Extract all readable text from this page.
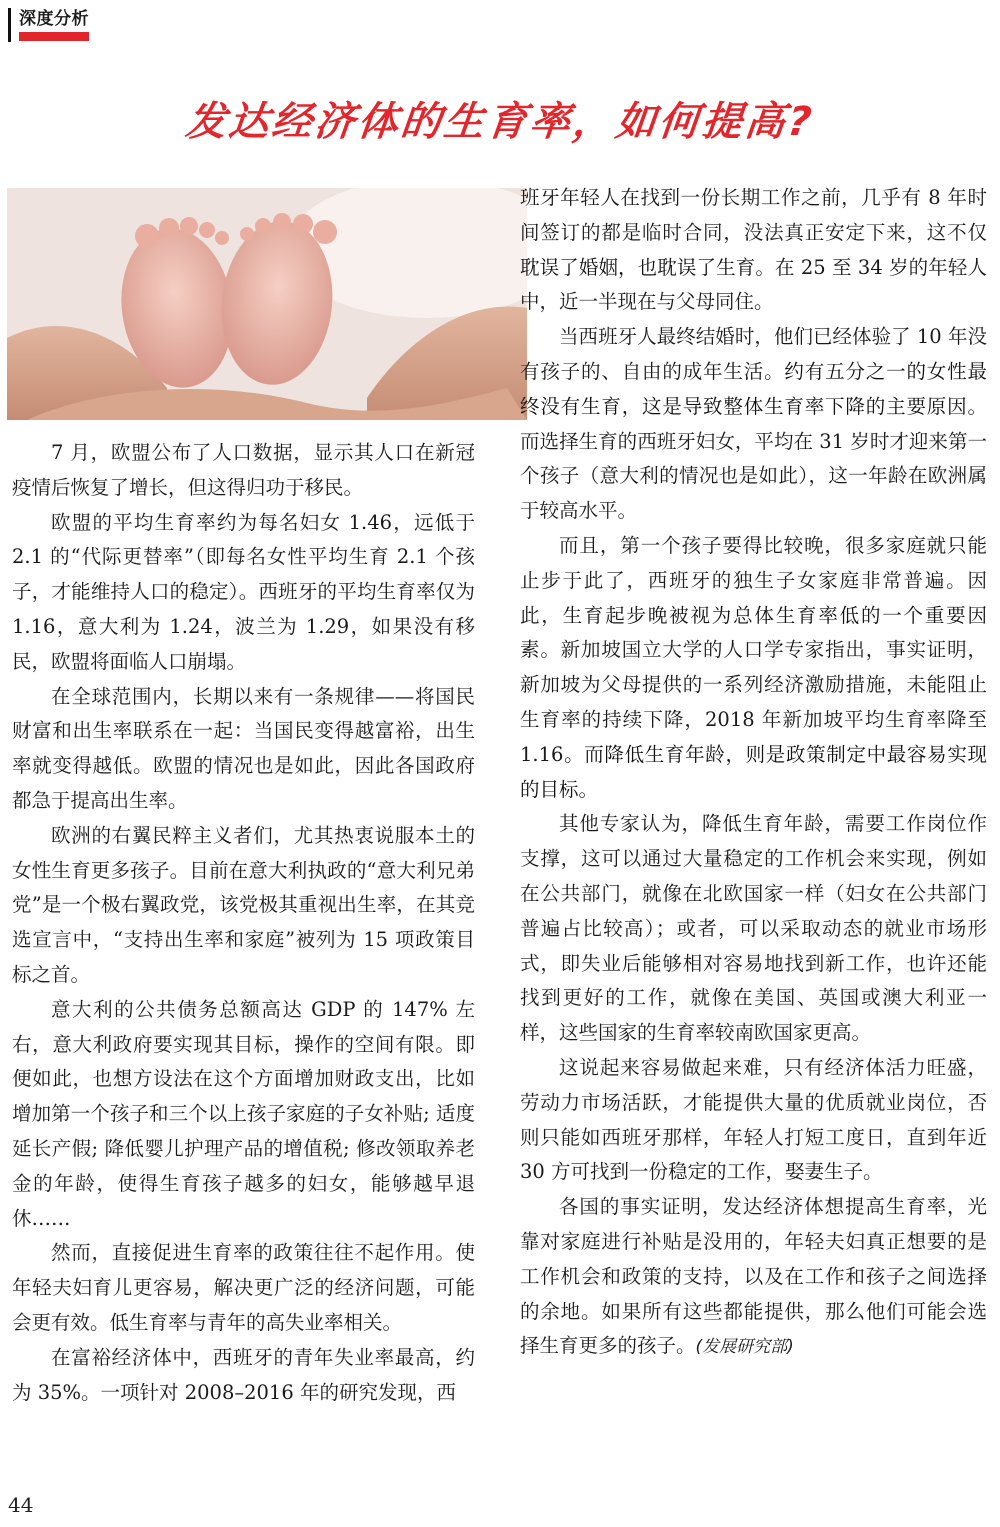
深度分析
发达经济体的生育率，如何提高?

7 月，欧盟公布了人口数据，显示其人口在新冠疫情后恢复了增长，但这得归功于移民。

欧盟的平均生育率约为每名妇女 1.46，远低于 2.1 的“代际更替率”（即每名女性平均生育 2.1 个孩子，才能维持人口的稳定）。西班牙的平均生育率仅为 1.16，意大利为 1.24，波兰为 1.29，如果没有移民，欧盟将面临人口崩塌。

在全球范围内，长期以来有一条规律——将国民财富和出生率联系在一起：当国民变得越富裕，出生率就变得越低。欧盟的情况也是如此，因此各国政府都急于提高出生率。

欧洲的右翼民粹主义者们，尤其热衷说服本土的女性生育更多孩子。目前在意大利执政的“意大利兄弟党”是一个极右翼政党，该党极其重视出生率，在其竞选宣言中，“支持出生率和家庭”被列为 15 项政策目标之首。

意大利的公共债务总额高达 GDP 的 147% 左右，意大利政府要实现其目标，操作的空间有限。即便如此，也想方设法在这个方面增加财政支出，比如增加第一个孩子和三个以上孩子家庭的子女补贴; 适度延长产假; 降低婴儿护理产品的增值税; 修改领取养老金的年龄，使得生育孩子越多的妇女，能够越早退休……

然而，直接促进生育率的政策往往不起作用。使年轻夫妇育儿更容易，解决更广泛的经济问题，可能会更有效。低生育率与青年的高失业率相关。

在富裕经济体中，西班牙的青年失业率最高，约为 35%。一项针对 2008–2016 年的研究发现，西

班牙年轻人在找到一份长期工作之前，几乎有 8 年时间签订的都是临时合同，没法真正安定下来，这不仅耽误了婚姻，也耽误了生育。在 25 至 34 岁的年轻人中，近一半现在与父母同住。

当西班牙人最终结婚时，他们已经体验了 10 年没有孩子的、自由的成年生活。约有五分之一的女性最终没有生育，这是导致整体生育率下降的主要原因。而选择生育的西班牙妇女，平均在 31 岁时才迎来第一个孩子（意大利的情况也是如此），这一年龄在欧洲属于较高水平。

而且，第一个孩子要得比较晚，很多家庭就只能止步于此了，西班牙的独生子女家庭非常普遍。因此，生育起步晚被视为总体生育率低的一个重要因素。新加坡国立大学的人口学专家指出，事实证明，新加坡为父母提供的一系列经济激励措施，未能阻止生育率的持续下降，2018 年新加坡平均生育率降至 1.16。而降低生育年龄，则是政策制定中最容易实现的目标。

其他专家认为，降低生育年龄，需要工作岗位作支撑，这可以通过大量稳定的工作机会来实现，例如在公共部门，就像在北欧国家一样（妇女在公共部门普遍占比较高）；或者，可以采取动态的就业市场形式，即失业后能够相对容易地找到新工作，也许还能找到更好的工作，就像在美国、英国或澳大利亚一样，这些国家的生育率较南欧国家更高。

这说起来容易做起来难，只有经济体活力旺盛，劳动力市场活跃，才能提供大量的优质就业岗位，否则只能如西班牙那样，年轻人打短工度日，直到年近 30 方可找到一份稳定的工作，娶妻生子。

各国的事实证明，发达经济体想提高生育率，光靠对家庭进行补贴是没用的，年轻夫妇真正想要的是工作机会和政策的支持，以及在工作和孩子之间选择的余地。如果所有这些都能提供，那么他们可能会选择生育更多的孩子。(发展研究部)

44
